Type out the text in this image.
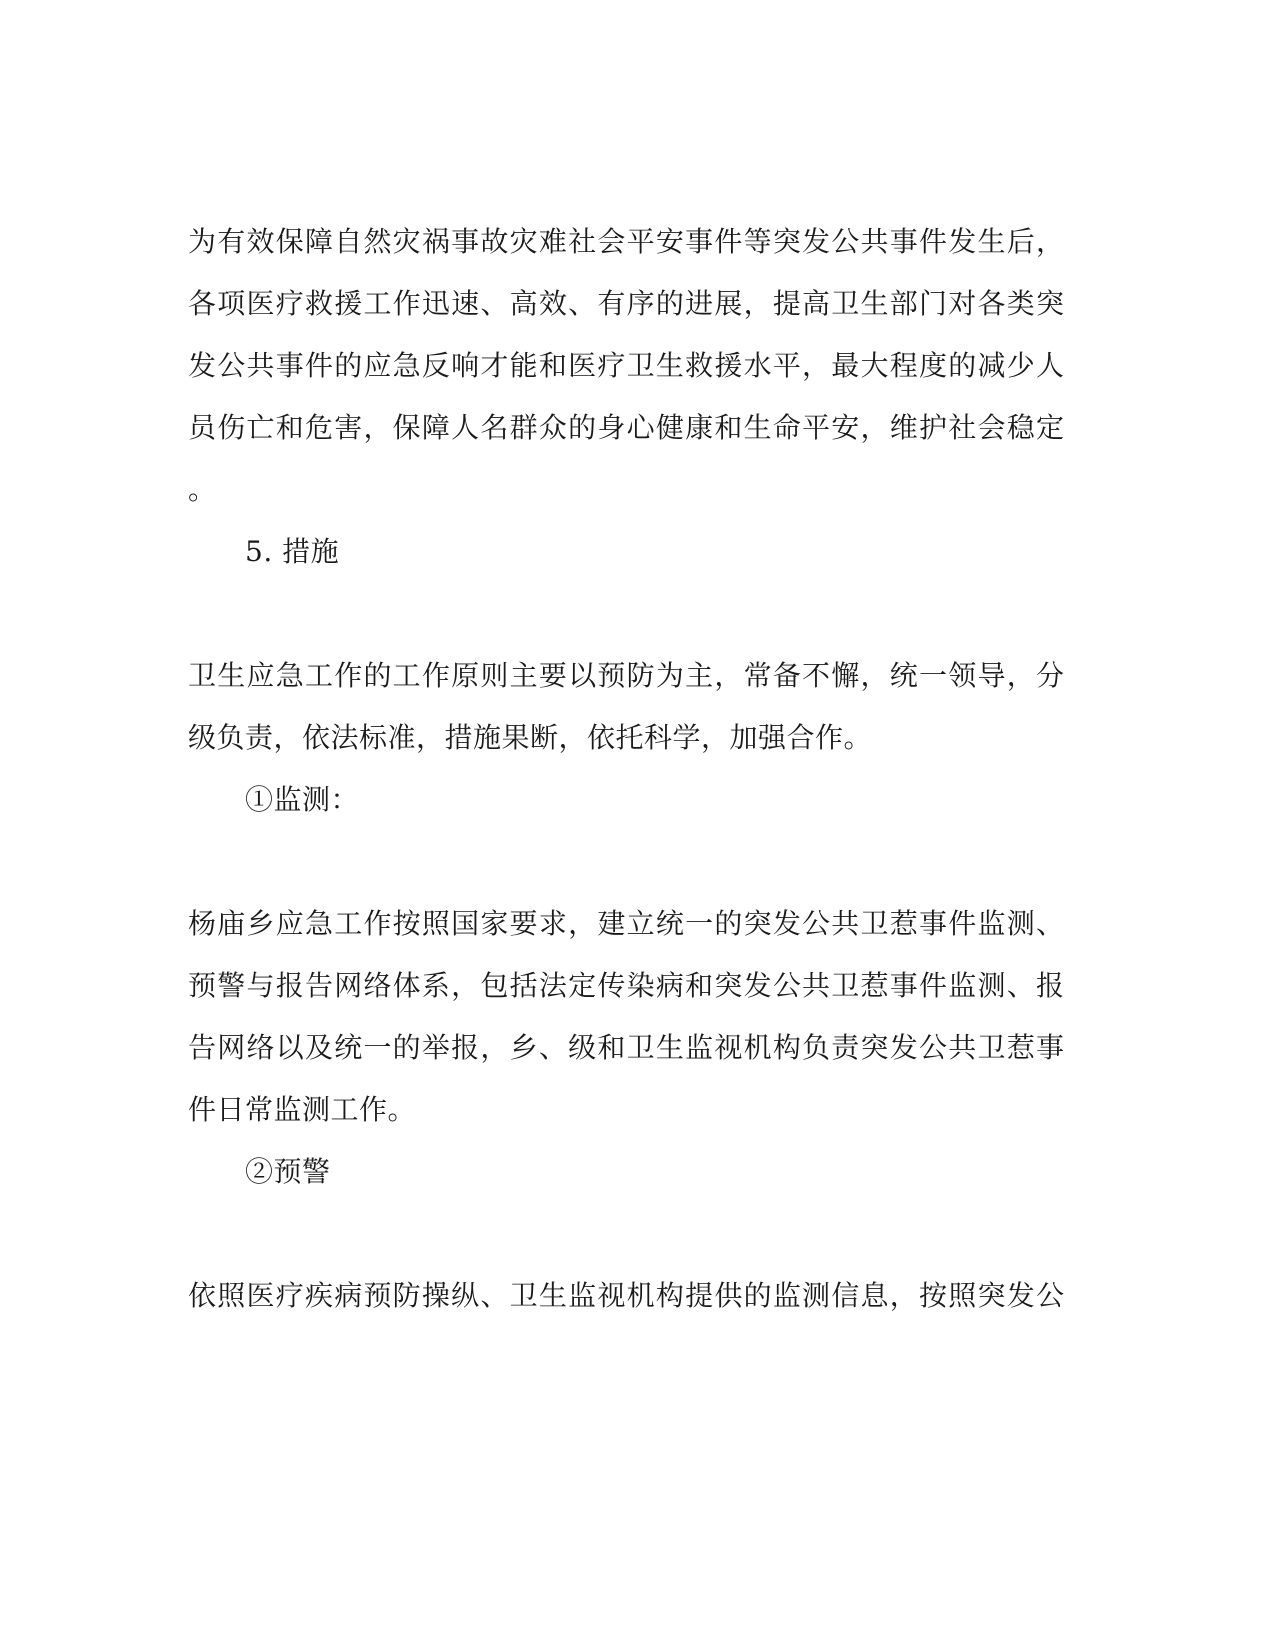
为有效保障自然灾祸事故灾难社会平安事件等突发公共事件发生后，
各项医疗救援工作迅速、高效、有序的进展，提高卫生部门对各类突
发公共事件的应急反响才能和医疗卫生救援水平，最大程度的减少人
员伤亡和危害，保障人名群众的身心健康和生命平安，维护社会稳定
。
5. 措施
卫生应急工作的工作原则主要以预防为主，常备不懈，统一领导，分
级负责，依法标准，措施果断，依托科学，加强合作。
①监测：
杨庙乡应急工作按照国家要求，建立统一的突发公共卫惹事件监测、
预警与报告网络体系，包括法定传染病和突发公共卫惹事件监测、报
告网络以及统一的举报，乡、级和卫生监视机构负责突发公共卫惹事
件日常监测工作。
②预警
依照医疗疾病预防操纵、卫生监视机构提供的监测信息，按照突发公
